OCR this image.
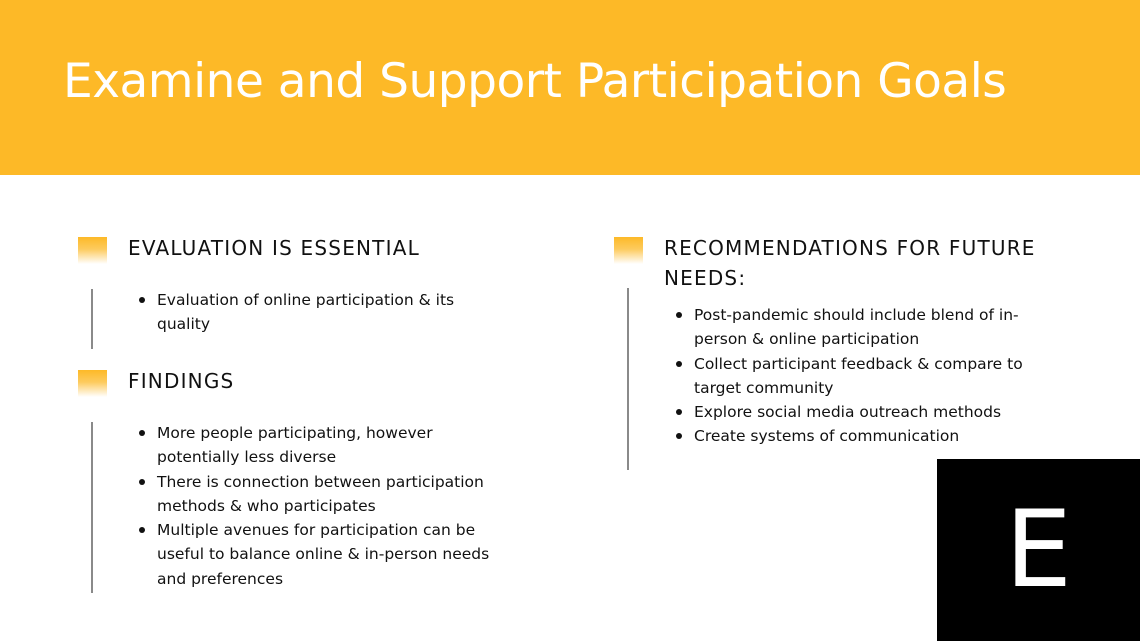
Examine and Support Participation Goals
EVALUATION IS ESSENTIAL
Evaluation of online participation & its quality
FINDINGS
More people participating, however potentially less diverse
There is connection between participation methods & who participates
Multiple avenues for participation can be useful to balance online & in-person needs and preferences
RECOMMENDATIONS FOR FUTURE
NEEDS:
Post-pandemic should include blend of in-person & online participation
Collect participant feedback & compare to target community
Explore social media outreach methods
Create systems of communication
E
